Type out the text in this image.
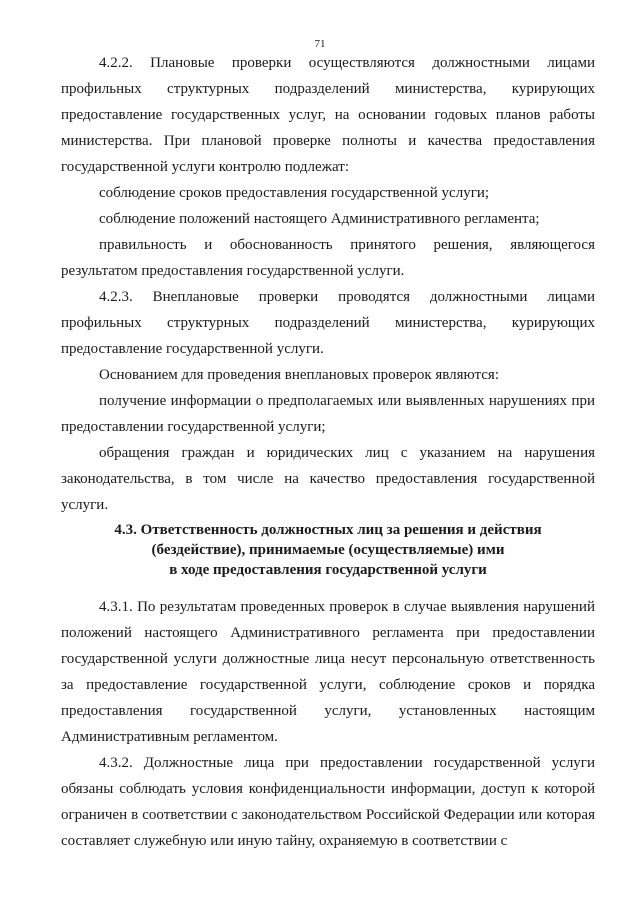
71

4.2.2. Плановые проверки осуществляются должностными лицами профильных структурных подразделений министерства, курирующих предоставление государственных услуг, на основании годовых планов работы министерства. При плановой проверке полноты и качества предоставления государственной услуги контролю подлежат:

соблюдение сроков предоставления государственной услуги;

соблюдение положений настоящего Административного регламента;

правильность и обоснованность принятого решения, являющегося результатом предоставления государственной услуги.

4.2.3. Внеплановые проверки проводятся должностными лицами профильных структурных подразделений министерства, курирующих предоставление государственной услуги.

Основанием для проведения внеплановых проверок являются:

получение информации о предполагаемых или выявленных нарушениях при предоставлении государственной услуги;

обращения граждан и юридических лиц с указанием на нарушения законодательства, в том числе на качество предоставления государственной услуги.

4.3. Ответственность должностных лиц за решения и действия
(бездействие), принимаемые (осуществляемые) ими
в ходе предоставления государственной услуги

4.3.1. По результатам проведенных проверок в случае выявления нарушений положений настоящего Административного регламента при предоставлении государственной услуги должностные лица несут персональную ответственность за предоставление государственной услуги, соблюдение сроков и порядка предоставления государственной услуги, установленных настоящим Административным регламентом.

4.3.2. Должностные лица при предоставлении государственной услуги обязаны соблюдать условия конфиденциальности информации, доступ к которой ограничен в соответствии с законодательством Российской Федерации или которая составляет служебную или иную тайну, охраняемую в соответствии с
